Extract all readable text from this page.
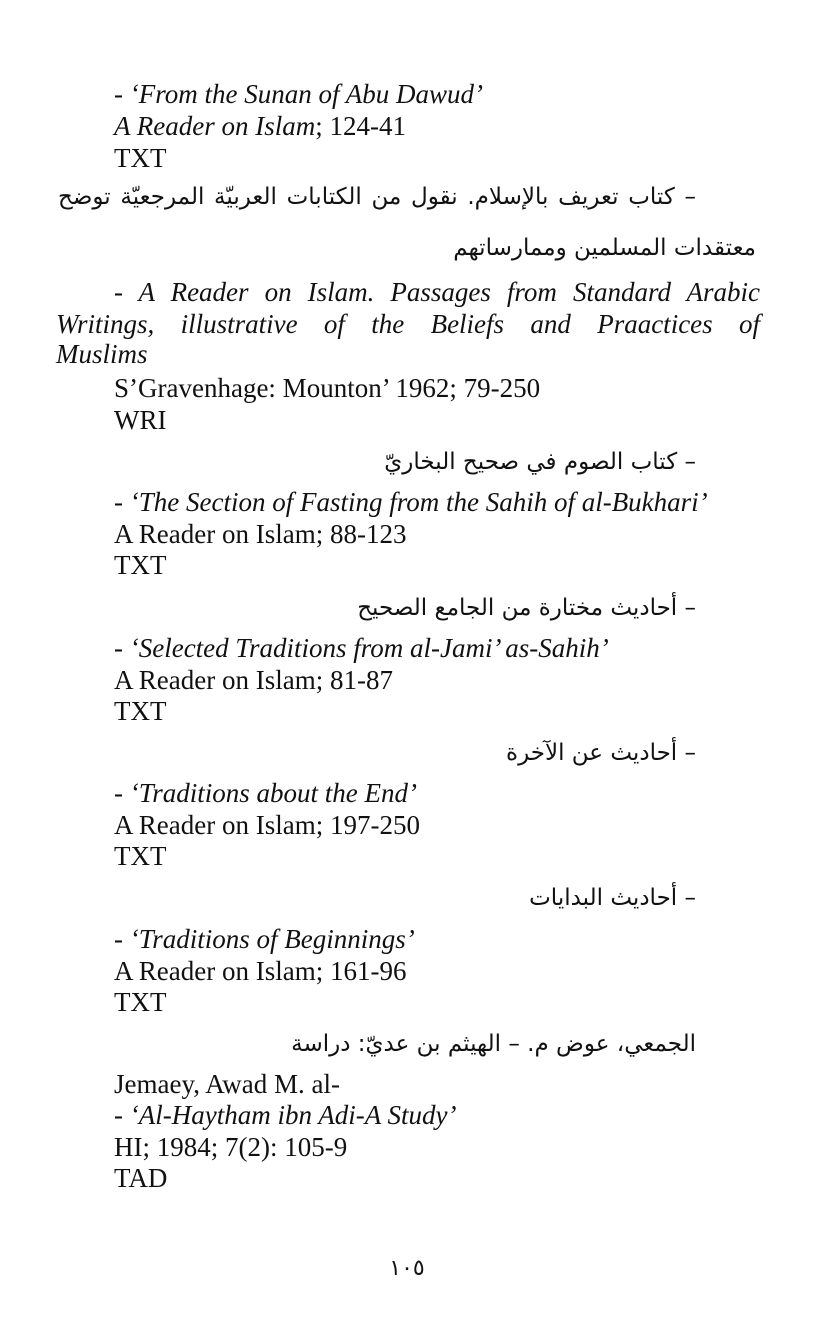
- ‘From the Sunan of Abu Dawud’
A Reader on Islam; 124-41
TXT
– كتاب تعريف بالإسلام. نقول من الكتابات العربيّة المرجعيّة توضح
معتقدات المسلمين وممارساتهم
- A Reader on Islam. Passages from Standard Arabic
Writings, illustrative of the Beliefs and Praactices of
Muslims
S’Gravenhage: Mounton’ 1962; 79-250
WRI
– كتاب الصوم في صحيح البخاريّ
- ‘The Section of Fasting from the Sahih of al-Bukhari’
A Reader on Islam; 88-123
TXT
– أحاديث مختارة من الجامع الصحيح
- ‘Selected Traditions from al-Jami’ as-Sahih’
A Reader on Islam; 81-87
TXT
– أحاديث عن الآخرة
- ‘Traditions about the End’
A Reader on Islam; 197-250
TXT
– أحاديث البدايات
- ‘Traditions of Beginnings’
A Reader on Islam; 161-96
TXT
الجمعي، عوض م. – الهيثم بن عديّ: دراسة
Jemaey, Awad M. al-
- ‘Al-Haytham ibn Adi-A Study’
HI; 1984; 7(2): 105-9
TAD
١٠٥
